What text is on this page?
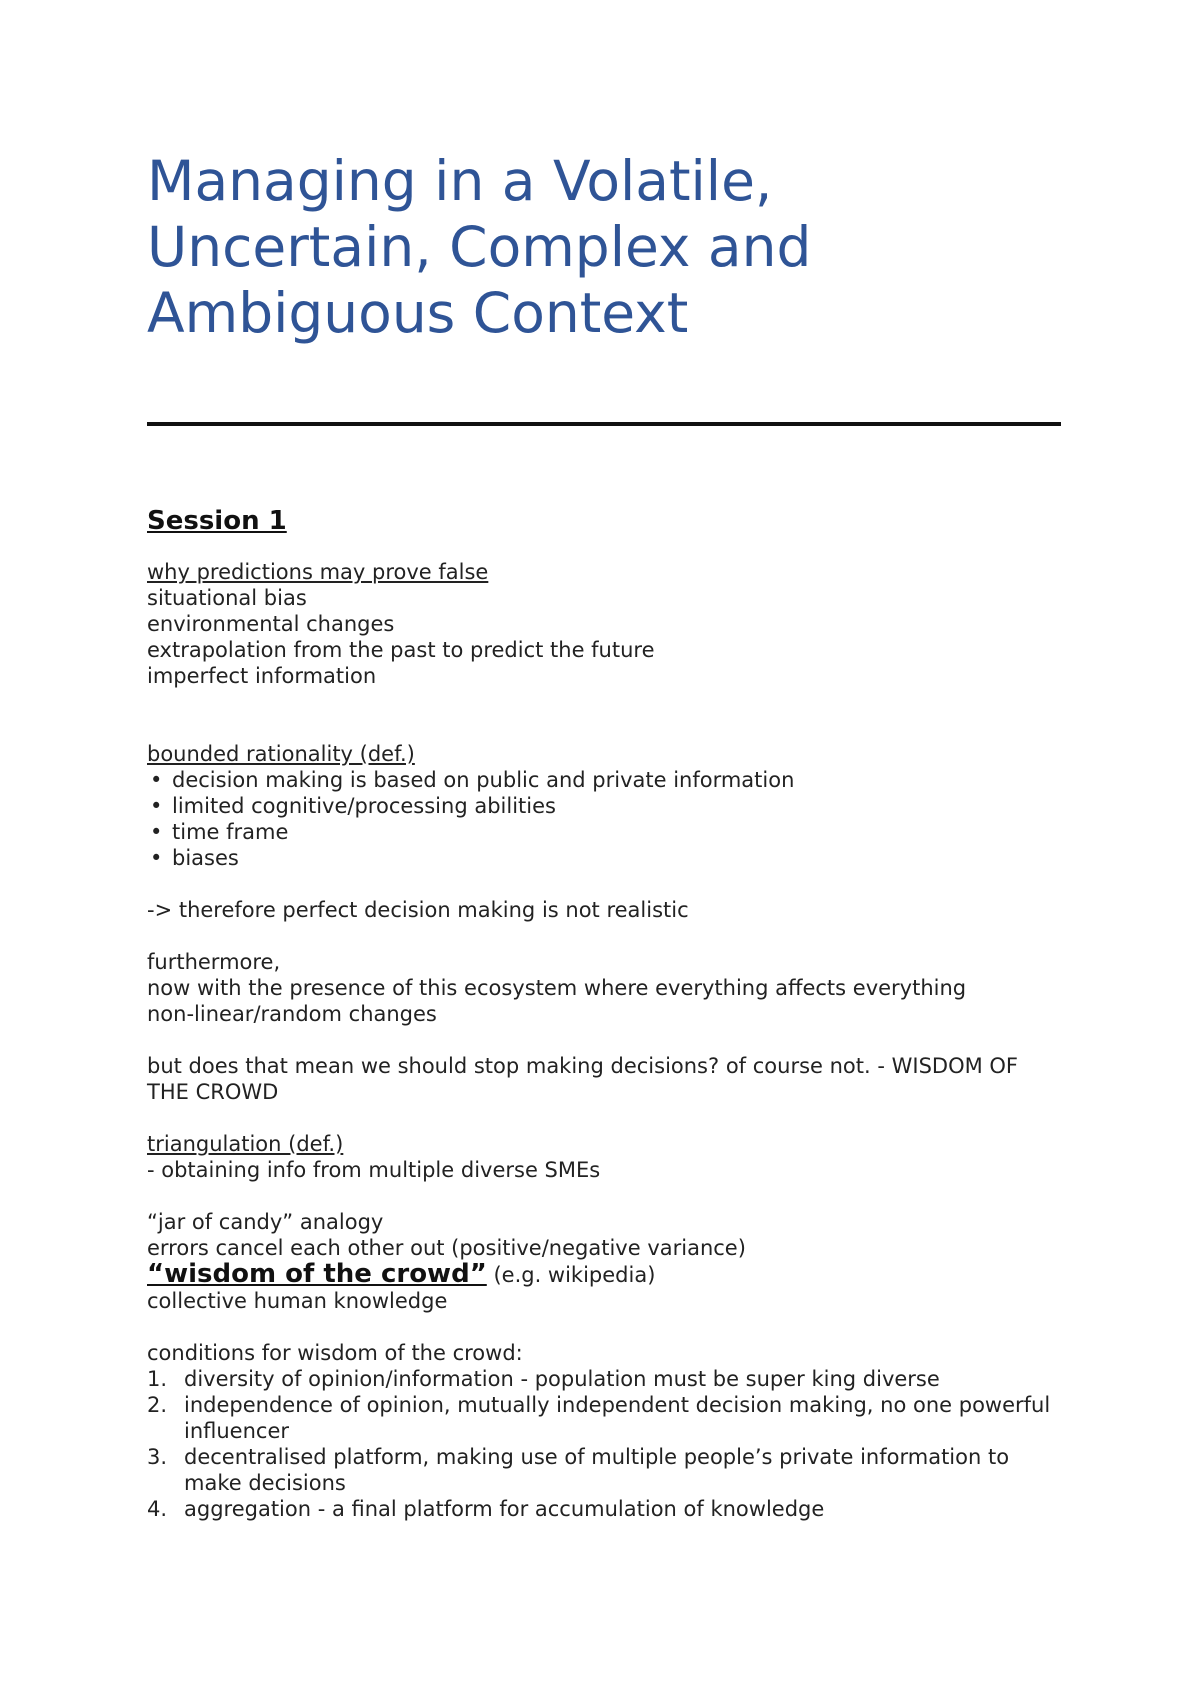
Managing in a Volatile,
Uncertain, Complex and
Ambiguous Context
Session 1
why predictions may prove false
situational bias
environmental changes
extrapolation from the past to predict the future
imperfect information
bounded rationality (def.)
• decision making is based on public and private information
• limited cognitive/processing abilities
• time frame
• biases
-> therefore perfect decision making is not realistic
furthermore,
now with the presence of this ecosystem where everything affects everything
non-linear/random changes
but does that mean we should stop making decisions? of course not. - WISDOM OF THE CROWD
triangulation (def.)
- obtaining info from multiple diverse SMEs
“jar of candy” analogy
errors cancel each other out (positive/negative variance)
“wisdom of the crowd” (e.g. wikipedia)
collective human knowledge
conditions for wisdom of the crowd:
1. diversity of opinion/information - population must be super king diverse
2. independence of opinion, mutually independent decision making, no one powerful influencer
3. decentralised platform, making use of multiple people’s private information to make decisions
4. aggregation - a final platform for accumulation of knowledge
